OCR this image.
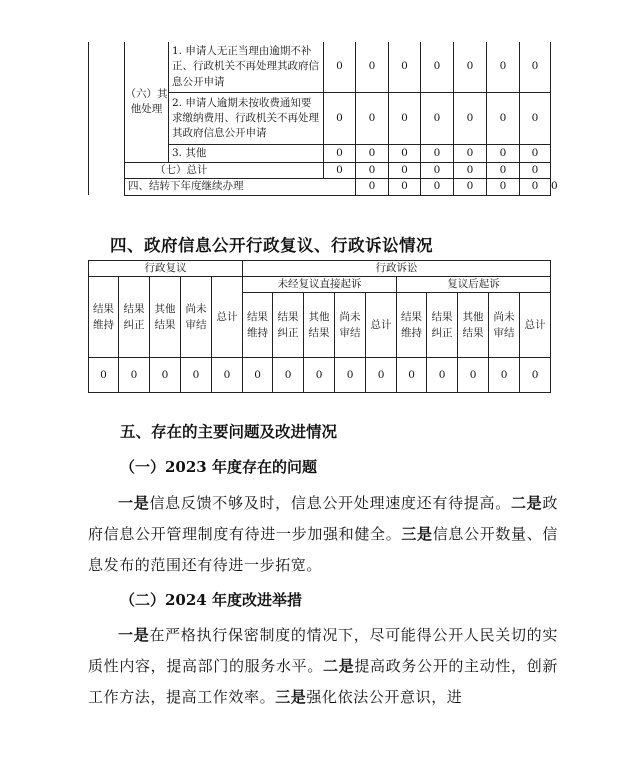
	（六）其他处理	1. 申请人无正当理由逾期不补正、行政机关不再处理其政府信息公开申请	0	0	0	0	0	0	0	
		2. 申请人逾期未按收费通知要求缴纳费用、行政机关不再处理其政府信息公开申请	0	0	0	0	0	0	0	
		3. 其他	0	0	0	0	0	0	0	
	（七）总计		0	0	0	0	0	0	0	
	四、结转下年度继续办理			0	0	0	0	0	0	0
四、政府信息公开行政复议、行政诉讼情况
行政复议					行政诉讼									
结果维持	结果纠正	其他结果	尚未审结	总计	未经复议直接起诉					复议后起诉				
					结果维持	结果纠正	其他结果	尚未审结	总计	结果维持	结果纠正	其他结果	尚未审结	总计
0	0	0	0	0	0	0	0	0	0	0	0	0	0	0
五、存在的主要问题及改进情况

（一）2023 年度存在的问题

一是信息反馈不够及时，信息公开处理速度还有待提高。二是政府信息公开管理制度有待进一步加强和健全。三是信息公开数量、信息发布的范围还有待进一步拓宽。

（二）2024 年度改进举措

一是在严格执行保密制度的情况下，尽可能得公开人民关切的实质性内容，提高部门的服务水平。二是提高政务公开的主动性，创新工作方法，提高工作效率。三是强化依法公开意识，进
